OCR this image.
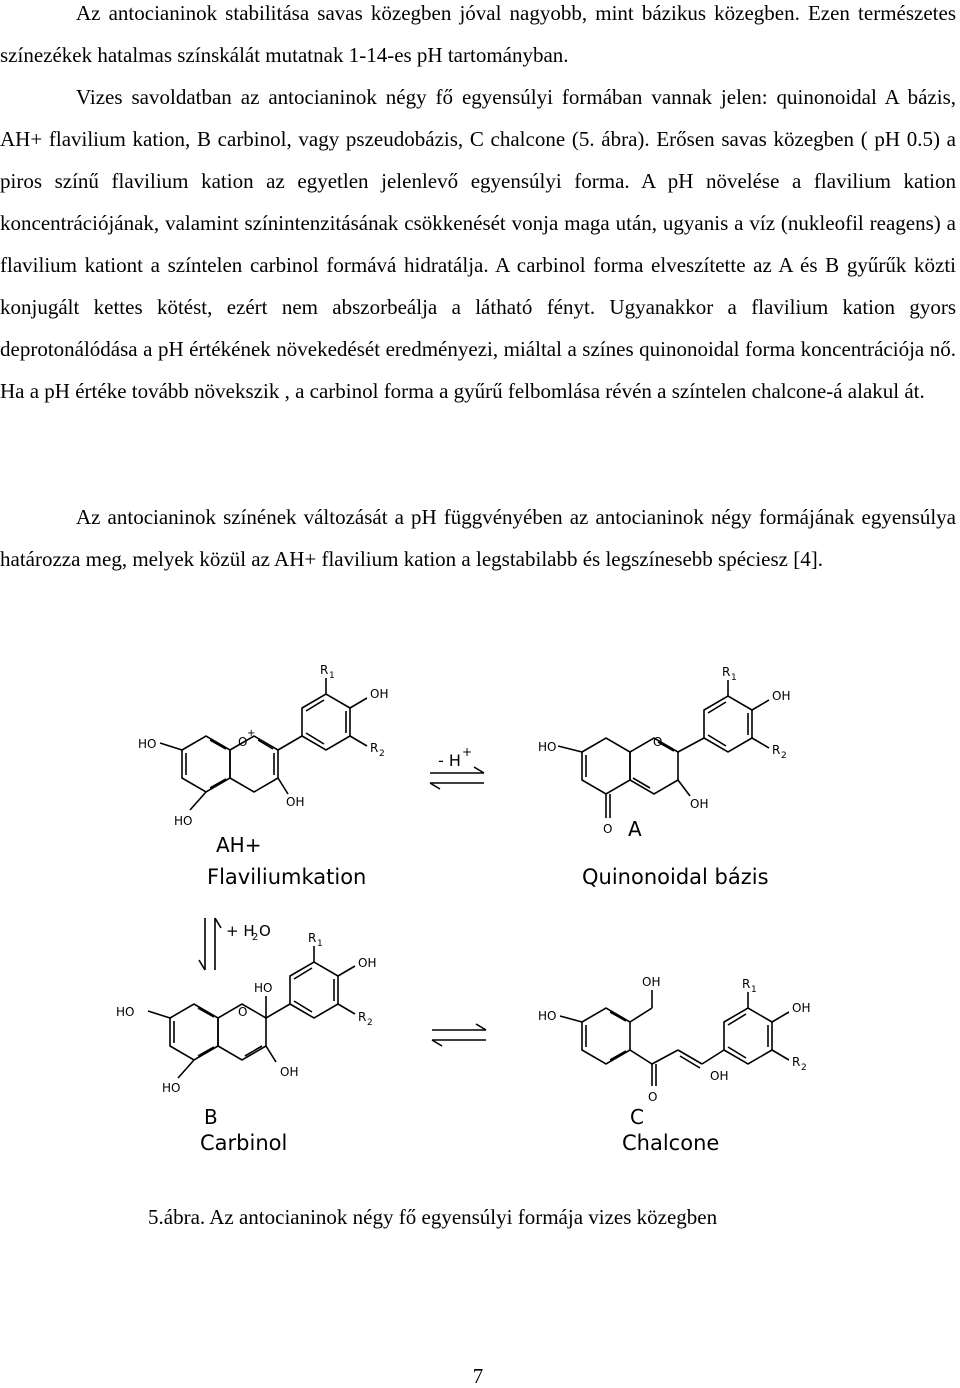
Az antocianinok stabilitása savas közegben jóval nagyobb, mint bázikus közegben. Ezen természetes színezékek hatalmas színskálát mutatnak 1-14-es pH tartományban.

Vizes savoldatban az antocianinok négy fő egyensúlyi formában vannak jelen: quinonoidal A bázis, AH+ flavilium kation, B carbinol, vagy pszeudobázis, C chalcone (5. ábra). Erősen savas közegben ( pH 0.5) a piros színű flavilium kation az egyetlen jelenlevő egyensúlyi forma. A pH növelése a flavilium kation koncentrációjának, valamint színintenzitásának csökkenését vonja maga után, ugyanis a víz (nukleofil reagens) a flavilium kationt a színtelen carbinol formává hidratálja. A carbinol forma elveszítette az A és B gyűrűk közti konjugált kettes kötést, ezért nem abszorbeálja a látható fényt. Ugyanakkor a flavilium kation gyors deprotonálódása a pH értékének növekedését eredményezi, miáltal a színes quinonoidal forma koncentrációja nő. Ha a pH értéke tovább növekszik , a carbinol forma a gyűrű felbomlása révén a színtelen chalcone-á alakul át.

Az antocianinok színének változását a pH függvényében az antocianinok négy formájának egyensúlya határozza meg, melyek közül az AH+ flavilium kation a legstabilabb és legszínesebb spéciesz [4].

HO	O
+
HO
OH
OH
R 1
R 2	HO	O
O
OH
OH
R 1
R 2
HO	O
HO
HO
OH
OH
R 1
R 2	HO
OH
O
OH
OH
R 1
R 2
- H +
+ H
2 O
AH+
Flaviliumkation
A
Quinonoidal bázis
B
Carbinol
C
Chalcone
5.ábra. Az antocianinok négy fő egyensúlyi formája vizes közegben
7
